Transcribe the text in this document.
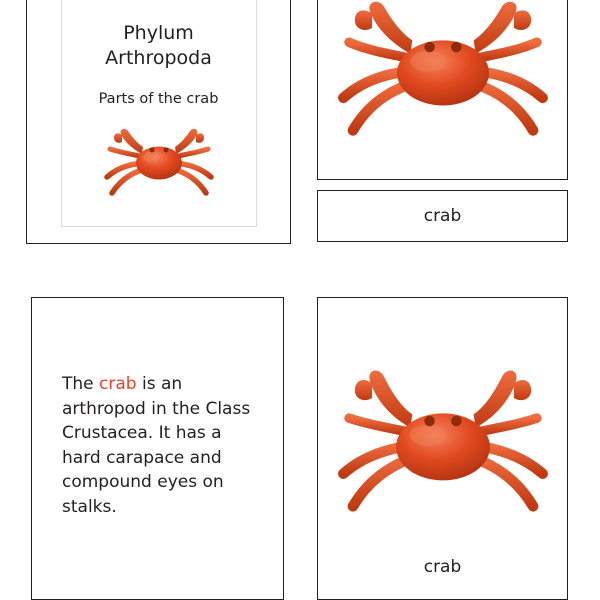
Phylum
Arthropoda
Parts of the crab
crab
The crab is an arthropod in the Class Crustacea. It has a hard carapace and compound eyes on stalks.
crab
